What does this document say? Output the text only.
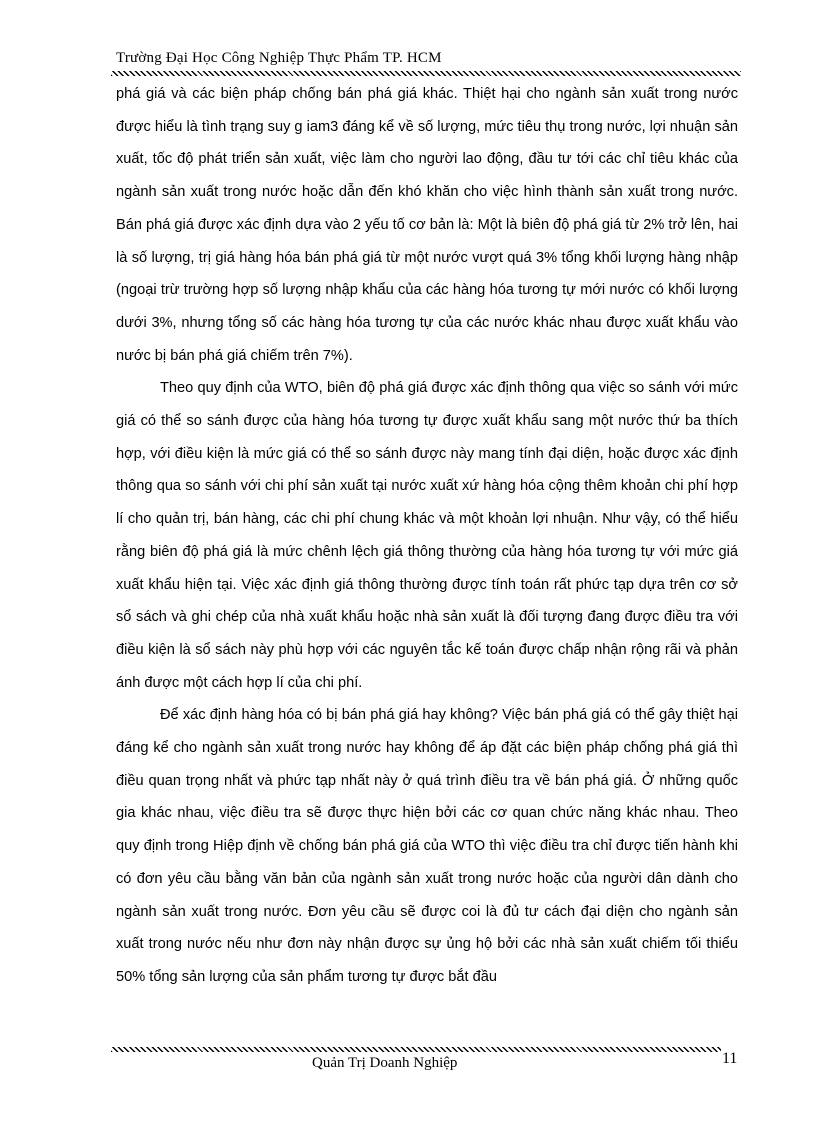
Trường Đại Học Công Nghiệp Thực Phẩm TP. HCM

phá giá và các biện pháp chống bán phá giá khác. Thiệt hại cho ngành sản xuất trong nước được hiểu là tình trạng suy g iam3 đáng kể về số lượng, mức tiêu thụ trong nước, lợi nhuận sản xuất, tốc độ phát triển sản xuất, việc làm cho người lao động, đầu tư tới các chỉ tiêu khác của ngành sản xuất trong nước hoặc dẫn đến khó khăn cho việc hình thành sản xuất trong nước. Bán phá giá được xác định dựa vào 2 yếu tố cơ bản là: Một là biên độ phá giá từ 2% trở lên, hai là số lượng, trị giá hàng hóa bán phá giá từ một nước vượt quá 3% tổng khối lượng hàng nhập (ngoại trừ trường hợp số lượng nhập khẩu của các hàng hóa tương tự mới nước có khối lượng dưới 3%, nhưng tổng số các hàng hóa tương tự của các nước khác nhau được xuất khẩu vào nước bị bán phá giá chiếm trên 7%).

Theo quy định của WTO, biên độ phá giá được xác định thông qua việc so sánh với mức giá có thể so sánh được của hàng hóa tương tự được xuất khẩu sang một nước thứ ba thích hợp, với điều kiện là mức giá có thể so sánh được này mang tính đại diện, hoặc được xác định thông qua so sánh với chi phí sản xuất tại nước xuất xứ hàng hóa cộng thêm khoản chi phí hợp lí cho quản trị, bán hàng, các chi phí chung khác và một khoản lợi nhuận. Như vậy, có thể hiểu rằng biên độ phá giá là mức chênh lệch giá thông thường của hàng hóa tương tự với mức giá xuất khẩu hiện tại. Việc xác định giá thông thường được tính toán rất phức tạp dựa trên cơ sở sổ sách và ghi chép của nhà xuất khẩu hoặc nhà sản xuất là đối tượng đang được điều tra với điều kiện là sổ sách này phù hợp với các nguyên tắc kế toán được chấp nhận rộng rãi và phản ánh được một cách hợp lí của chi phí.

Để xác định hàng hóa có bị bán phá giá hay không? Việc bán phá giá có thể gây thiệt hại đáng kể cho ngành sản xuất trong nước hay không để áp đặt các biện pháp chống phá giá thì điều quan trọng nhất và phức tạp nhất này ở quá trình điều tra về bán phá giá. Ở những quốc gia khác nhau, việc điều tra sẽ được thực hiện bởi các cơ quan chức năng khác nhau. Theo quy định trong Hiệp định về chống bán phá giá của WTO thì việc điều tra chỉ được tiến hành khi có đơn yêu cầu bằng văn bản của ngành sản xuất trong nước hoặc của người dân dành cho ngành sản xuất trong nước. Đơn yêu cầu sẽ được coi là đủ tư cách đại diện cho ngành sản xuất trong nước nếu như đơn này nhận được sự ủng hộ bởi các nhà sản xuất chiếm tối thiểu 50% tổng sản lượng của sản phẩm tương tự được bắt đầu

Quản Trị Doanh Nghiệp	11
